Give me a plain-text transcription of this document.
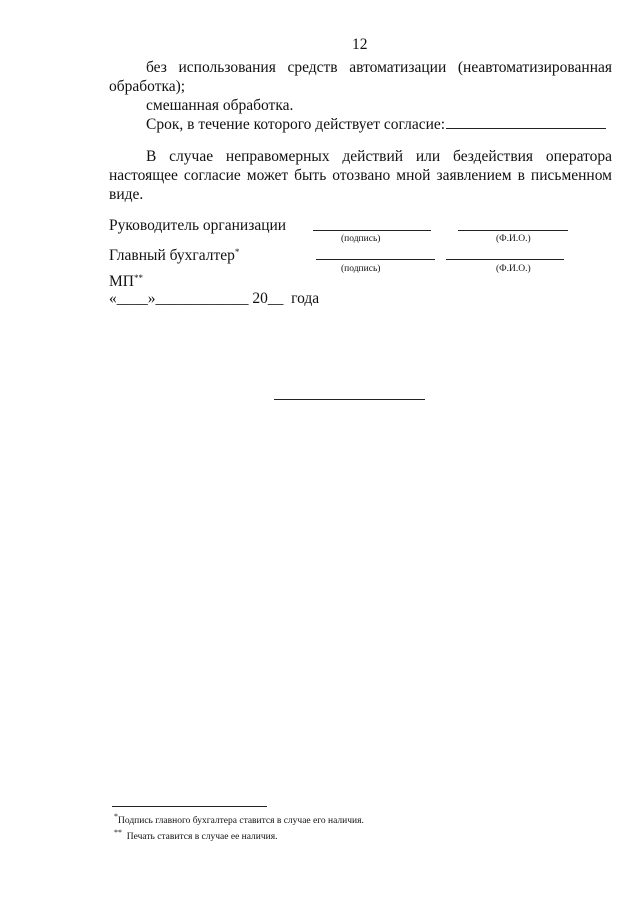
12
без использования средств автоматизации (неавтоматизированная
обработка);
смешанная обработка.
Срок, в течение которого действует согласие:
В случае неправомерных действий или бездействия оператора
настоящее согласие может быть отозвано мной заявлением в письменном
виде.
Руководитель организации
(подпись)	(Ф.И.О.)
Главный бухгалтер*
(подпись)	(Ф.И.О.)
МП**
«____»____________ 20__ года
*Подпись главного бухгалтера ставится в случае его наличия.
** Печать ставится в случае ее наличия.
